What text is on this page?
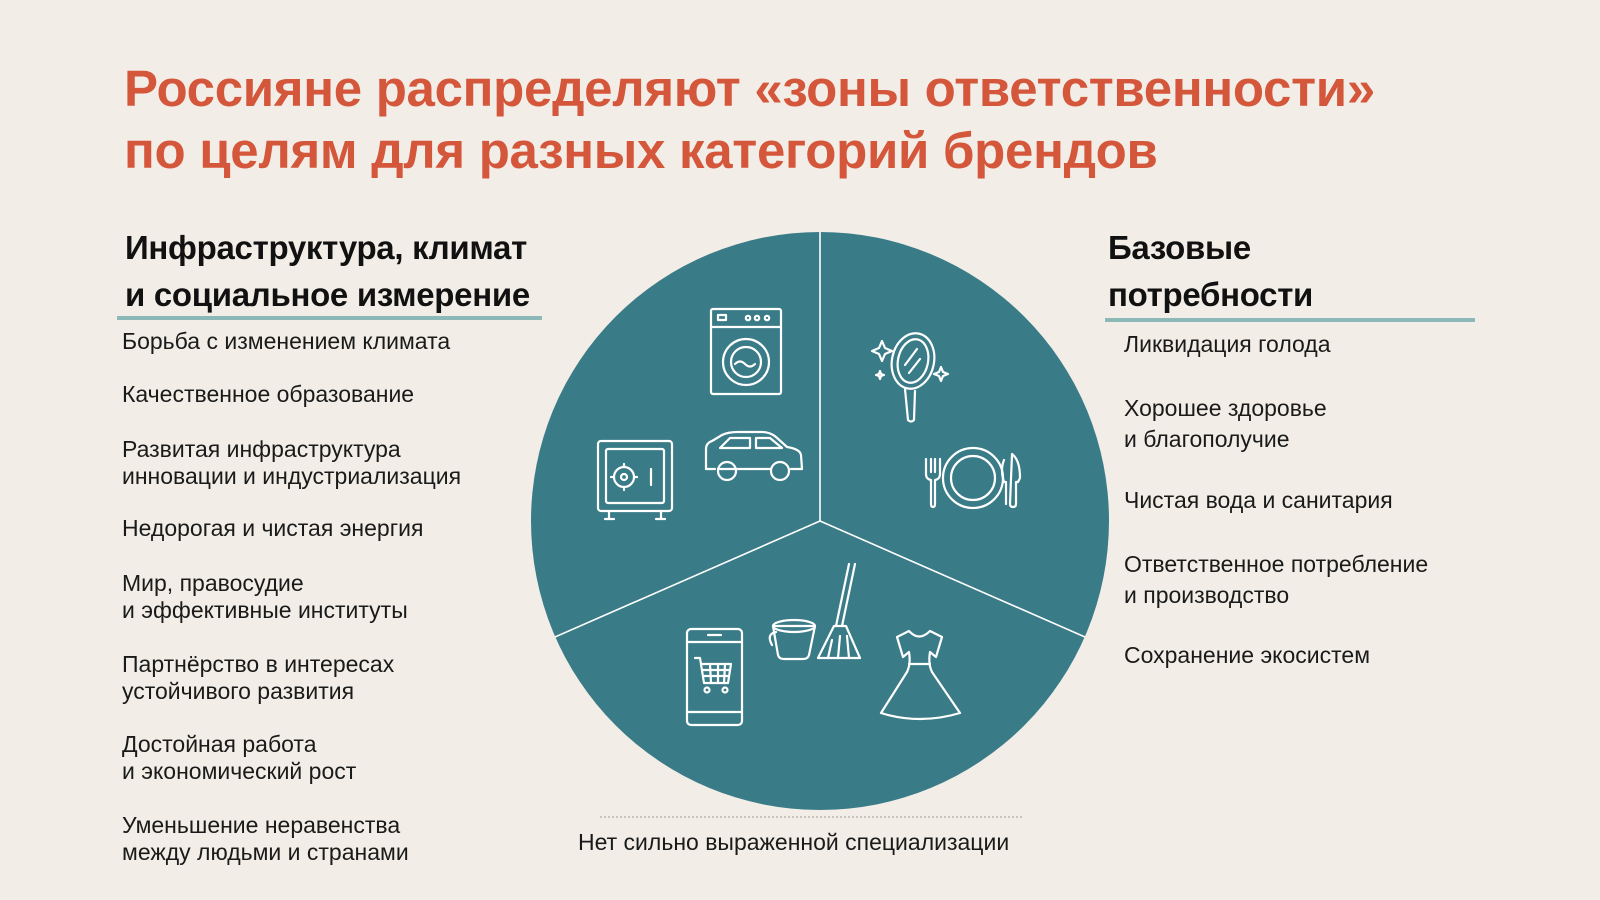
Россияне распределяют «зоны ответственности»
по целям для разных категорий брендов
Инфраструктура, климат
и социальное измерение
Базовые
потребности
Борьба с изменением климата
Качественное образование
Развитая инфраструктура
инновации и индустриализация
Недорогая и чистая энергия
Мир, правосудие
и эффективные институты
Партнёрство в интересах
устойчивого развития
Достойная работа
и экономический рост
Уменьшение неравенства
между людьми и странами
Ликвидация голода
Хорошее здоровье
и благополучие
Чистая вода и санитария
Ответственное потребление
и производство
Сохранение экосистем
Нет сильно выраженной специализации
